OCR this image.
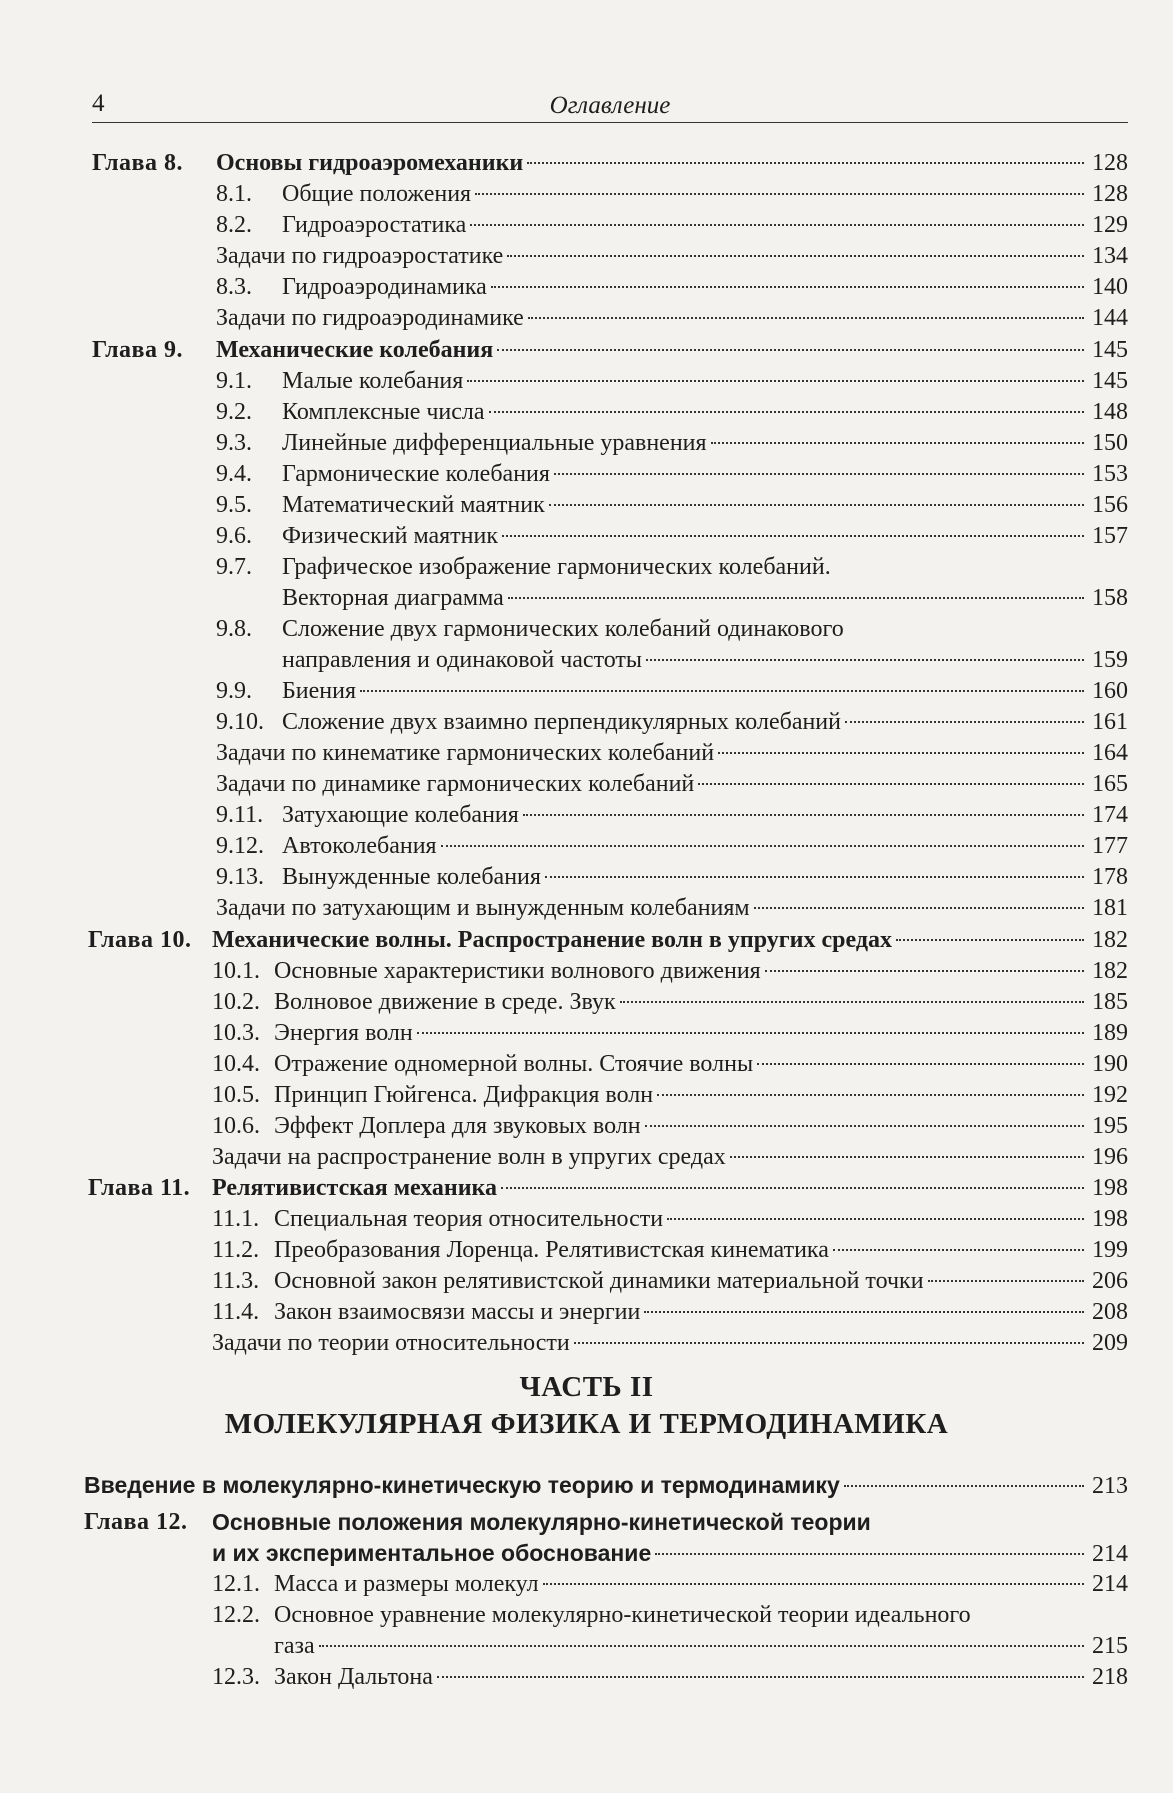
4	Оглавление
Глава 8. Основы гидроаэромеханики	128
8.1.	Общие положения	128
8.2.	Гидроаэростатика	129
Задачи по гидроаэростатике	134
8.3.	Гидроаэродинамика	140
Задачи по гидроаэродинамике	144
Глава 9. Механические колебания	145
9.1.	Малые колебания	145
9.2.	Комплексные числа	148
9.3.	Линейные дифференциальные уравнения	150
9.4.	Гармонические колебания	153
9.5.	Математический маятник	156
9.6.	Физический маятник	157
9.7.	Графическое изображение гармонических колебаний.
Векторная диаграмма	158
9.8.	Сложение двух гармонических колебаний одинакового
направления и одинаковой частоты	159
9.9.	Биения	160
9.10. Сложение двух взаимно перпендикулярных колебаний	161
Задачи по кинематике гармонических колебаний	164
Задачи по динамике гармонических колебаний	165
9.11. Затухающие колебания	174
9.12. Автоколебания	177
9.13. Вынужденные колебания	178
Задачи по затухающим и вынужденным колебаниям	181
Глава 10. Механические волны. Распространение волн в упругих средах	182
10.1. Основные характеристики волнового движения	182
10.2. Волновое движение в среде. Звук	185
10.3. Энергия волн	189
10.4. Отражение одномерной волны. Стоячие волны	190
10.5. Принцип Гюйгенса. Дифракция волн	192
10.6. Эффект Доплера для звуковых волн	195
Задачи на распространение волн в упругих средах	196
Глава 11. Релятивистская механика	198
11.1. Специальная теория относительности	198
11.2. Преобразования Лоренца. Релятивистская кинематика	199
11.3. Основной закон релятивистской динамики материальной точки	206
11.4. Закон взаимосвязи массы и энергии	208
Задачи по теории относительности	209
ЧАСТЬ II
МОЛЕКУЛЯРНАЯ ФИЗИКА И ТЕРМОДИНАМИКА
Введение в молекулярно-кинетическую теорию и термодинамику	213
Глава 12. Основные положения молекулярно-кинетической теории
и их экспериментальное обоснование	214
12.1. Масса и размеры молекул	214
12.2. Основное уравнение молекулярно-кинетической теории идеального
газа	215
12.3. Закон Дальтона	218
